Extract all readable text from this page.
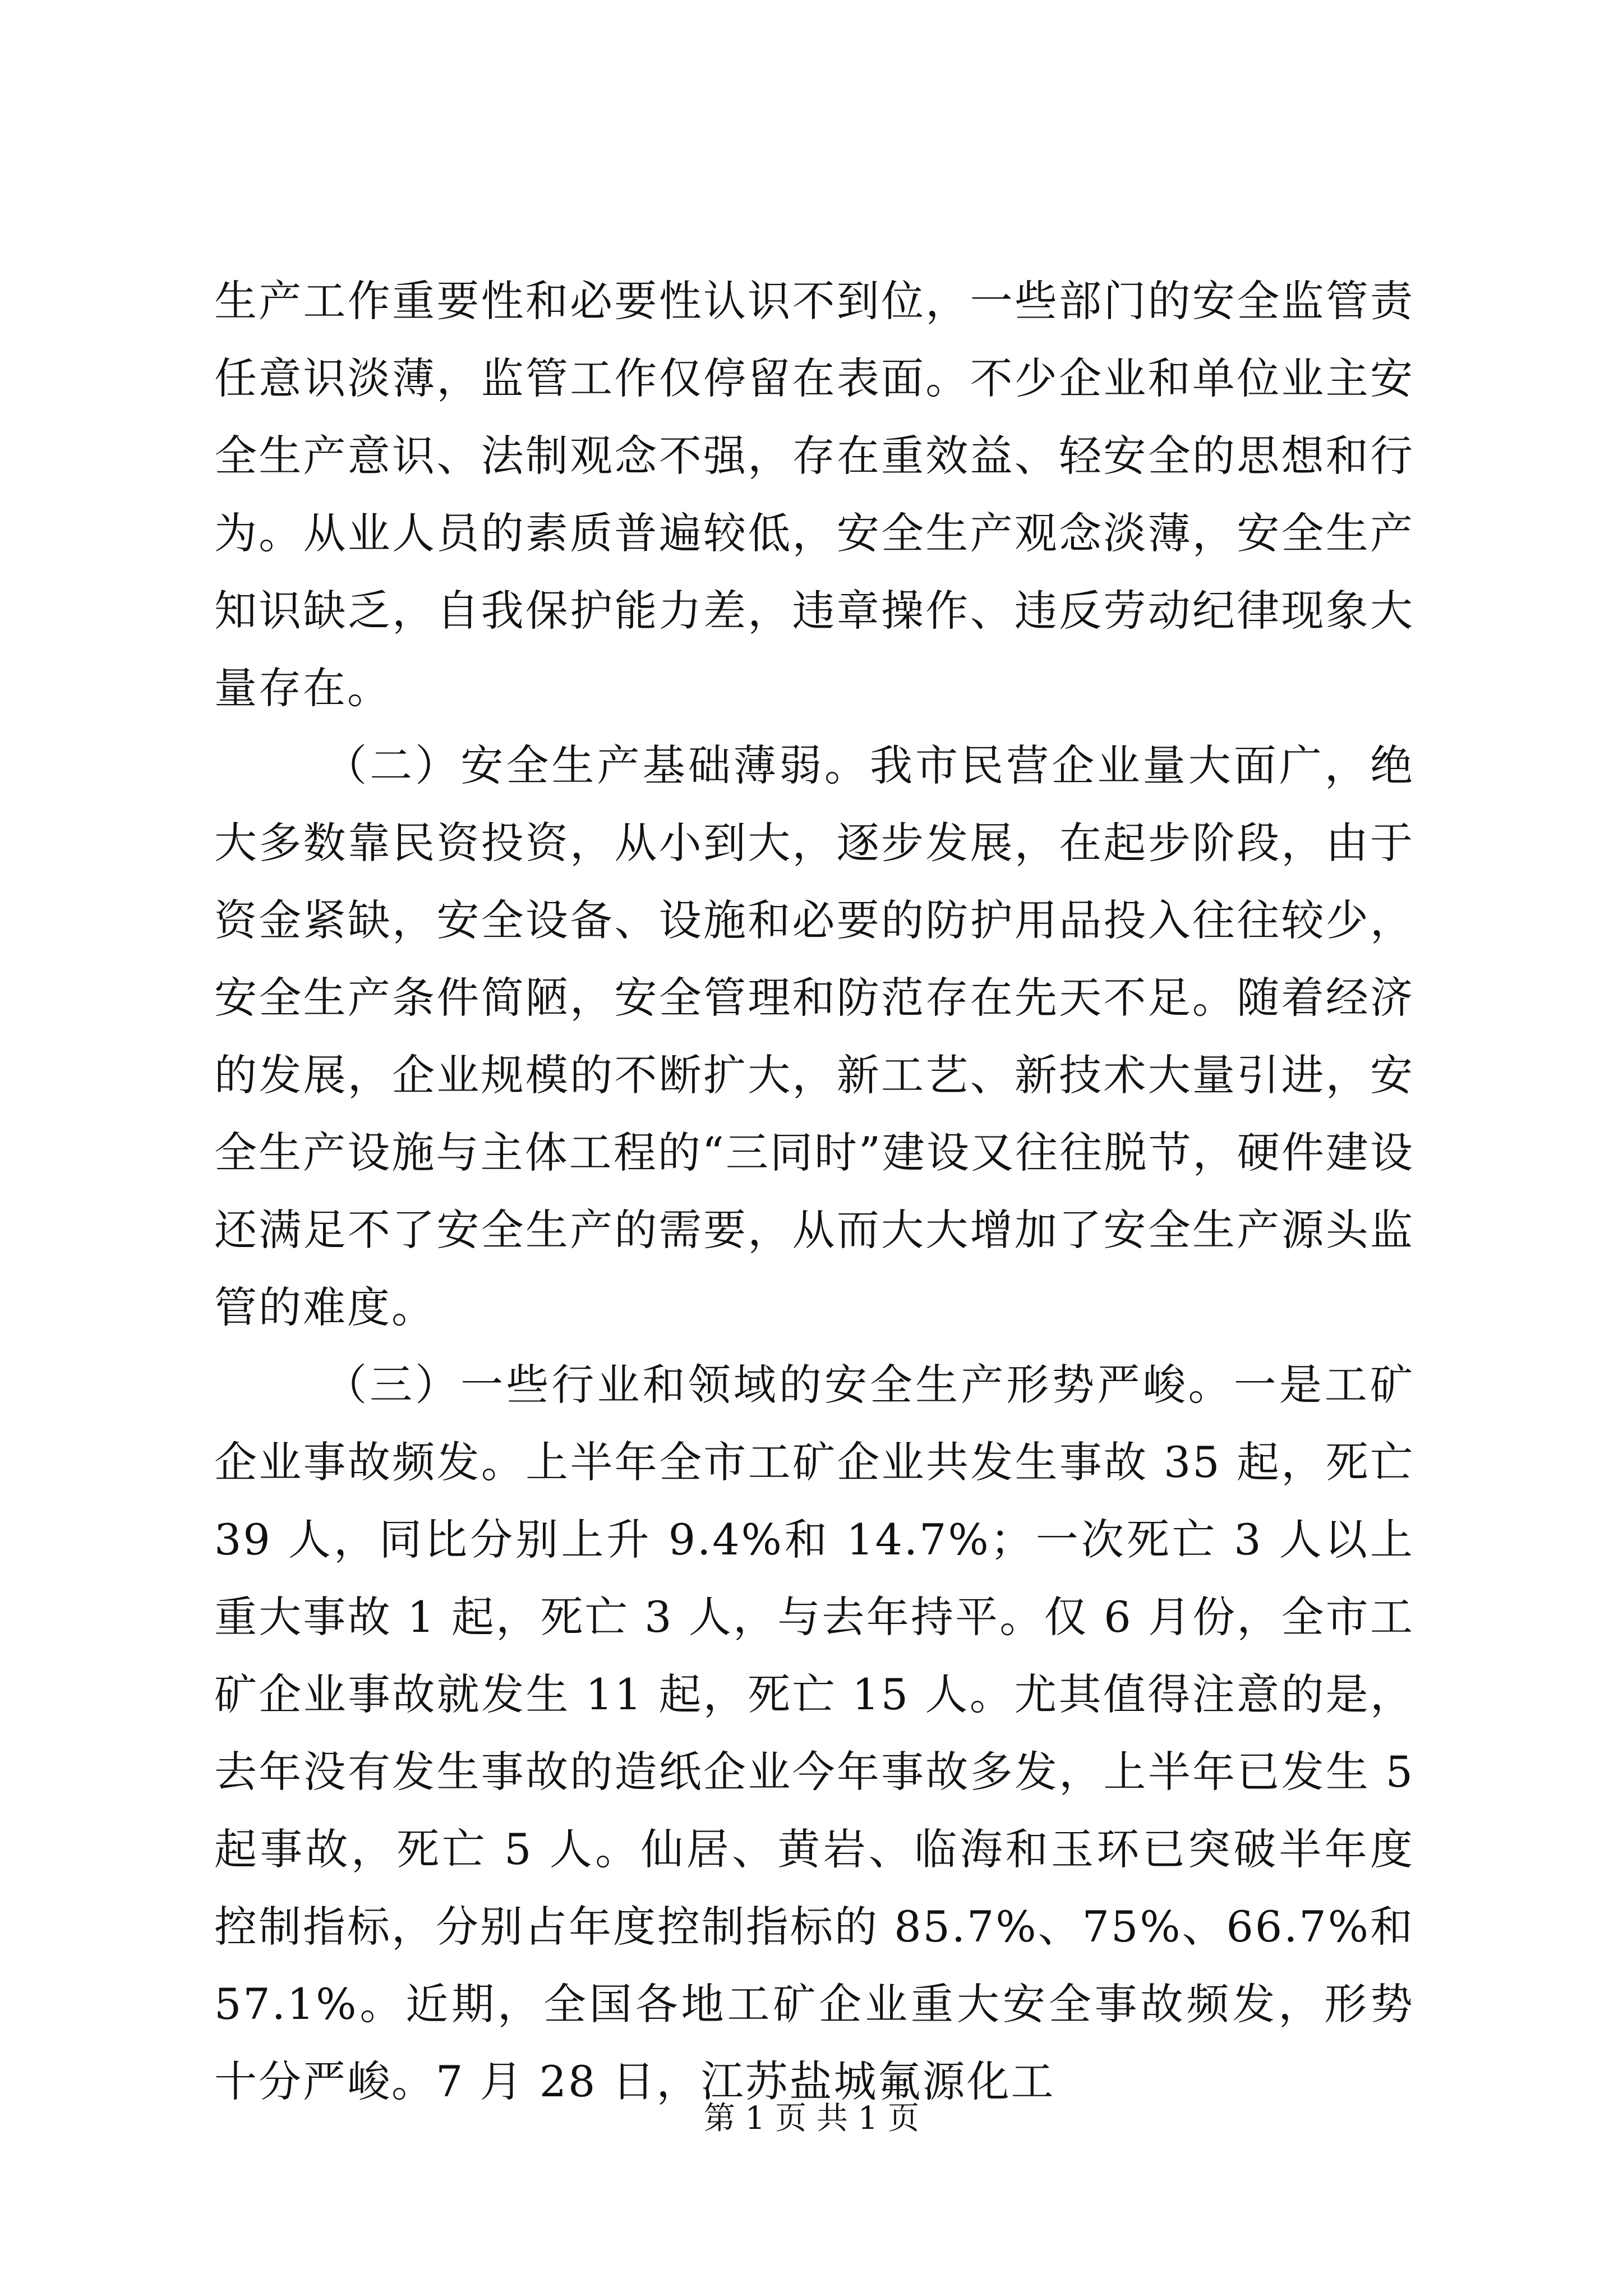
生产工作重要性和必要性认识不到位，一些部门的安全监管责任意识淡薄，监管工作仅停留在表面。不少企业和单位业主安全生产意识、法制观念不强，存在重效益、轻安全的思想和行为。从业人员的素质普遍较低，安全生产观念淡薄，安全生产知识缺乏，自我保护能力差，违章操作、违反劳动纪律现象大量存在。

（二）安全生产基础薄弱。我市民营企业量大面广，绝大多数靠民资投资，从小到大，逐步发展，在起步阶段，由于资金紧缺，安全设备、设施和必要的防护用品投入往往较少，安全生产条件简陋，安全管理和防范存在先天不足。随着经济的发展，企业规模的不断扩大，新工艺、新技术大量引进，安全生产设施与主体工程的“三同时”建设又往往脱节，硬件建设还满足不了安全生产的需要，从而大大增加了安全生产源头监管的难度。

（三）一些行业和领域的安全生产形势严峻。一是工矿企业事故频发。上半年全市工矿企业共发生事故 35 起，死亡 39 人，同比分别上升 9.4%和 14.7%；一次死亡 3 人以上重大事故 1 起，死亡 3 人，与去年持平。仅 6 月份，全市工矿企业事故就发生 11 起，死亡 15 人。尤其值得注意的是，去年没有发生事故的造纸企业今年事故多发，上半年已发生 5 起事故，死亡 5 人。仙居、黄岩、临海和玉环已突破半年度控制指标，分别占年度控制指标的 85.7%、75%、66.7%和 57.1%。近期，全国各地工矿企业重大安全事故频发，形势十分严峻。7 月 28 日，江苏盐城氟源化工

第 1 页 共 1 页
